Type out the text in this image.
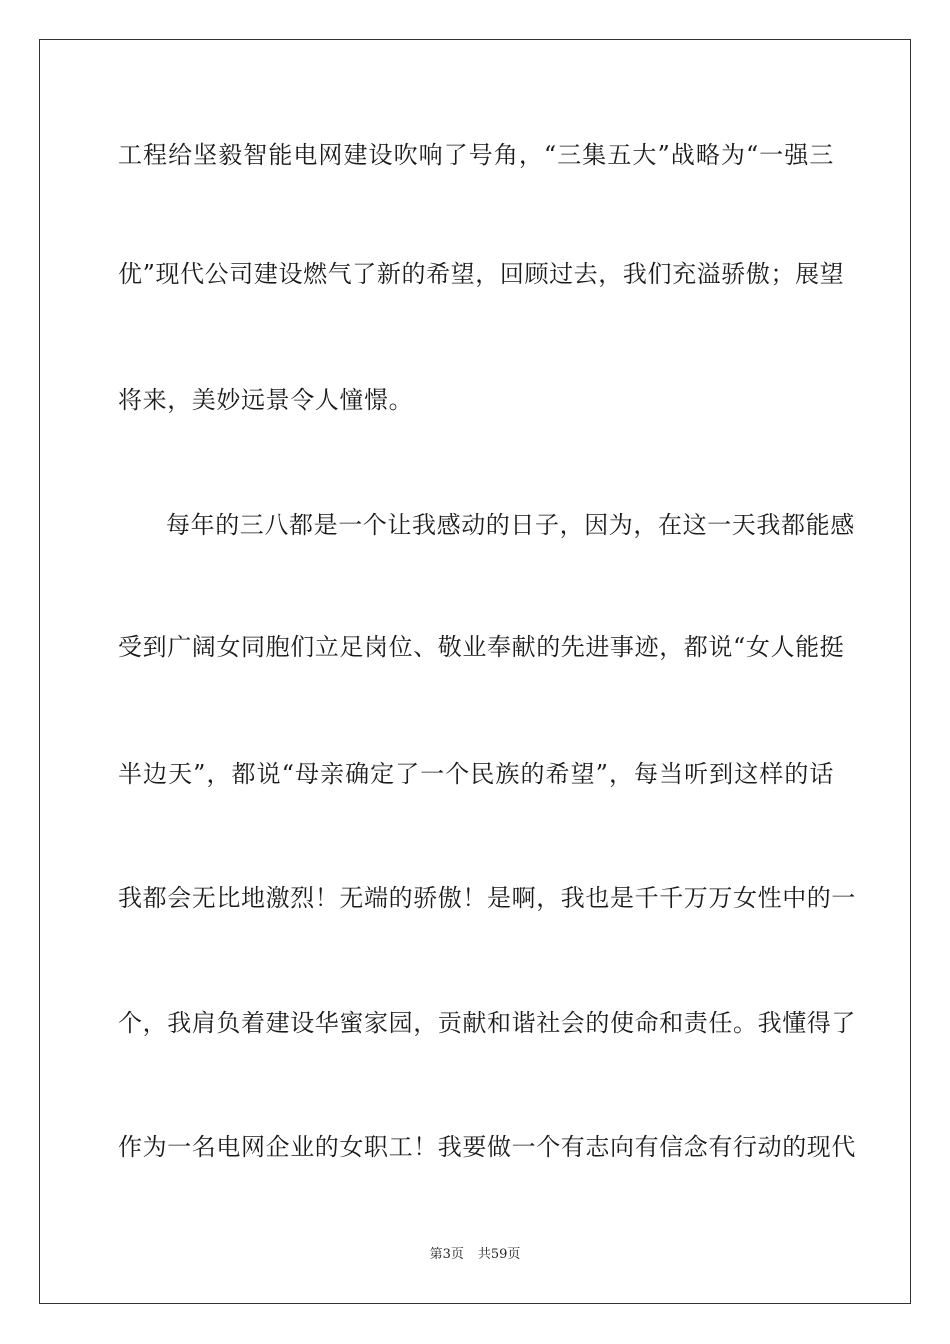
工程给坚毅智能电网建设吹响了号角，“三集五大”战略为“一强三
优”现代公司建设燃气了新的希望，回顾过去，我们充溢骄傲；展望
将来，美妙远景令人憧憬。
每年的三八都是一个让我感动的日子，因为，在这一天我都能感
受到广阔女同胞们立足岗位、敬业奉献的先进事迹，都说“女人能挺
半边天”，都说“母亲确定了一个民族的希望”，每当听到这样的话
我都会无比地激烈！无端的骄傲！是啊，我也是千千万万女性中的一
个，我肩负着建设华蜜家园，贡献和谐社会的使命和责任。我懂得了
作为一名电网企业的女职工！我要做一个有志向有信念有行动的现代
第3页 共59页
